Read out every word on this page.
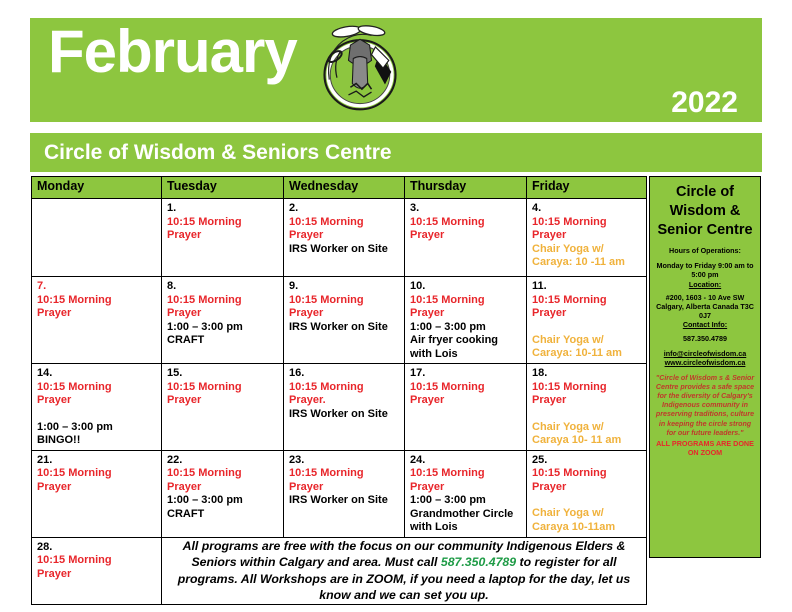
February
2022
Circle of Wisdom & Seniors Centre
Monday	Tuesday	Wednesday	Thursday	Friday
	1.
10:15 Morning
Prayer	2.
10:15 Morning
Prayer
IRS Worker on Site	3.
10:15 Morning
Prayer	4.
10:15 Morning
Prayer
Chair Yoga w/
Caraya: 10 -11 am

7.
10:15 Morning
Prayer
	8.
10:15 Morning
Prayer
1:00 – 3:00 pm
CRAFT
	9.
10:15 Morning
Prayer
IRS Worker on Site
	10.
10:15 Morning
Prayer
1:00 – 3:00 pm
Air fryer cooking
with Lois
	11.
10:15 Morning
Prayer
Chair Yoga w/
Caraya: 10-11 am

14.
10:15 Morning
Prayer
1:00 – 3:00 pm
BINGO!!	15.
10:15 Morning
Prayer	16.
10:15 Morning
Prayer.
IRS Worker on Site	17.
10:15 Morning
Prayer	18.
10:15 Morning
Prayer
Chair Yoga w/
Caraya 10- 11 am

21.
10:15 Morning
Prayer
	22.
10:15 Morning
Prayer
1:00 – 3:00 pm
CRAFT
	23.
10:15 Morning
Prayer
IRS Worker on Site
	24.
10:15 Morning
Prayer
1:00 – 3:00 pm
Grandmother Circle
with Lois
	25.
10:15 Morning
Prayer
Chair Yoga w/
Caraya 10-11am

28.
10:15 Morning
Prayer
	All programs are free with the focus on our community Indigenous Elders & Seniors within Calgary and area. Must call 587.350.4789 to register for all programs. All Workshops are in ZOOM, if you need a laptop for the day, let us know and we can set you up.
Circle of Wisdom & Senior Centre
Hours of Operations:
Monday to Friday 9:00 am to 5:00 pm
Location:
#200, 1603 - 10 Ave SW
Calgary, Alberta Canada T3C 0J7
Contact Info:
587.350.4789
info@circleofwisdom.ca
www.circleofwisdom.ca
"Circle of Wisdom s & Senior Centre provides a safe space for the diversity of Calgary's Indigenous community in preserving traditions, culture in keeping the circle strong for our future leaders."
ALL PROGRAMS ARE DONE ON ZOOM
